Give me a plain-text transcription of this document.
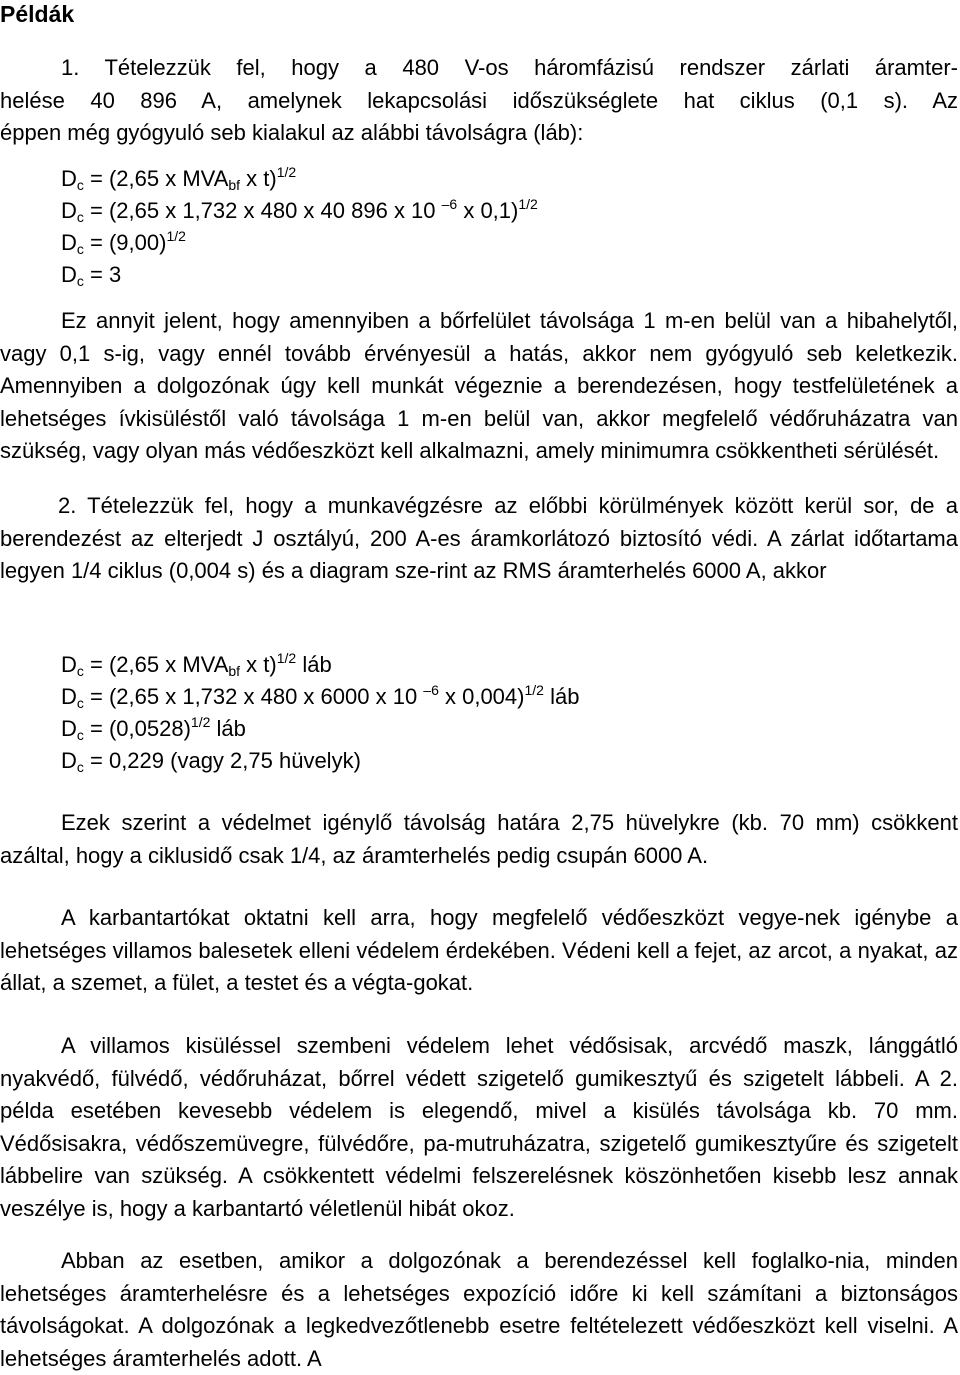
Példák
1. Tételezzük fel, hogy a 480 V-os háromfázisú rendszer zárlati áramter-
helése 40 896 A, amelynek lekapcsolási időszükséglete hat ciklus (0,1 s). Az
éppen még gyógyuló seb kialakul az alábbi távolságra (láb):
$D_c = (2,65$ x $MVA_{bf}$ x t)$^{1/2}$
$D_c = (2,65$ x 1,732 x 480 x 40 896 x 10 $^{-6}$ x 0,1)$^{1/2}$
$D_c = (9,00)^{1/2}$
$D_c = 3$
Ez annyit jelent, hogy amennyiben a bőrfelület távolsága 1 m-en belül van a hibahelytől, vagy 0,1 s-ig, vagy ennél tovább érvényesül a hatás, akkor nem gyógyuló seb keletkezik. Amennyiben a dolgozónak úgy kell munkát végeznie a berendezésen, hogy testfelületének a lehetséges ívkisüléstől való távolsága 1 m-en belül van, akkor megfelelő védőruházatra van szükség, vagy olyan más védőeszközt kell alkalmazni, amely minimumra csökkentheti sérülését.
2. Tételezzük fel, hogy a munkavégzésre az előbbi körülmények között kerül sor, de a berendezést az elterjedt J osztályú, 200 A-es áramkorlátozó biztosító védi. A zárlat időtartama legyen 1/4 ciklus (0,004 s) és a diagram sze-rint az RMS áramterhelés 6000 A, akkor
$D_c = (2,65$ x $MVA_{bf}$ x t)$^{1/2}$ láb
$D_c = (2,65$ x 1,732 x 480 x 6000 x 10 $^{-6}$ x 0,004)$^{1/2}$ láb
$D_c = (0,0528)^{1/2}$ láb
$D_c = 0,229$ (vagy 2,75 hüvelyk)
Ezek szerint a védelmet igénylő távolság határa 2,75 hüvelykre (kb. 70 mm) csökkent azáltal, hogy a ciklusidő csak 1/4, az áramterhelés pedig csupán 6000 A.
A karbantartókat oktatni kell arra, hogy megfelelő védőeszközt vegye-nek igénybe a lehetséges villamos balesetek elleni védelem érdekében. Védeni kell a fejet, az arcot, a nyakat, az állat, a szemet, a fület, a testet és a végta-gokat.
A villamos kisüléssel szembeni védelem lehet védősisak, arcvédő maszk, lánggátló nyakvédő, fülvédő, védőruházat, bőrrel védett szigetelő gumikesztyű és szigetelt lábbeli. A 2. példa esetében kevesebb védelem is elegendő, mivel a kisülés távolsága kb. 70 mm. Védősisakra, védőszemüvegre, fülvédőre, pa-mutruházatra, szigetelő gumikesztyűre és szigetelt lábbelire van szükség. A csökkentett védelmi felszerelésnek köszönhetően kisebb lesz annak veszélye is, hogy a karbantartó véletlenül hibát okoz.
Abban az esetben, amikor a dolgozónak a berendezéssel kell foglalko-nia, minden lehetséges áramterhelésre és a lehetséges expozíció időre ki kell számítani a biztonságos távolságokat. A dolgozónak a legkedvezőtlenebb esetre feltételezett védőeszközt kell viselni. A lehetséges áramterhelés adott. A
